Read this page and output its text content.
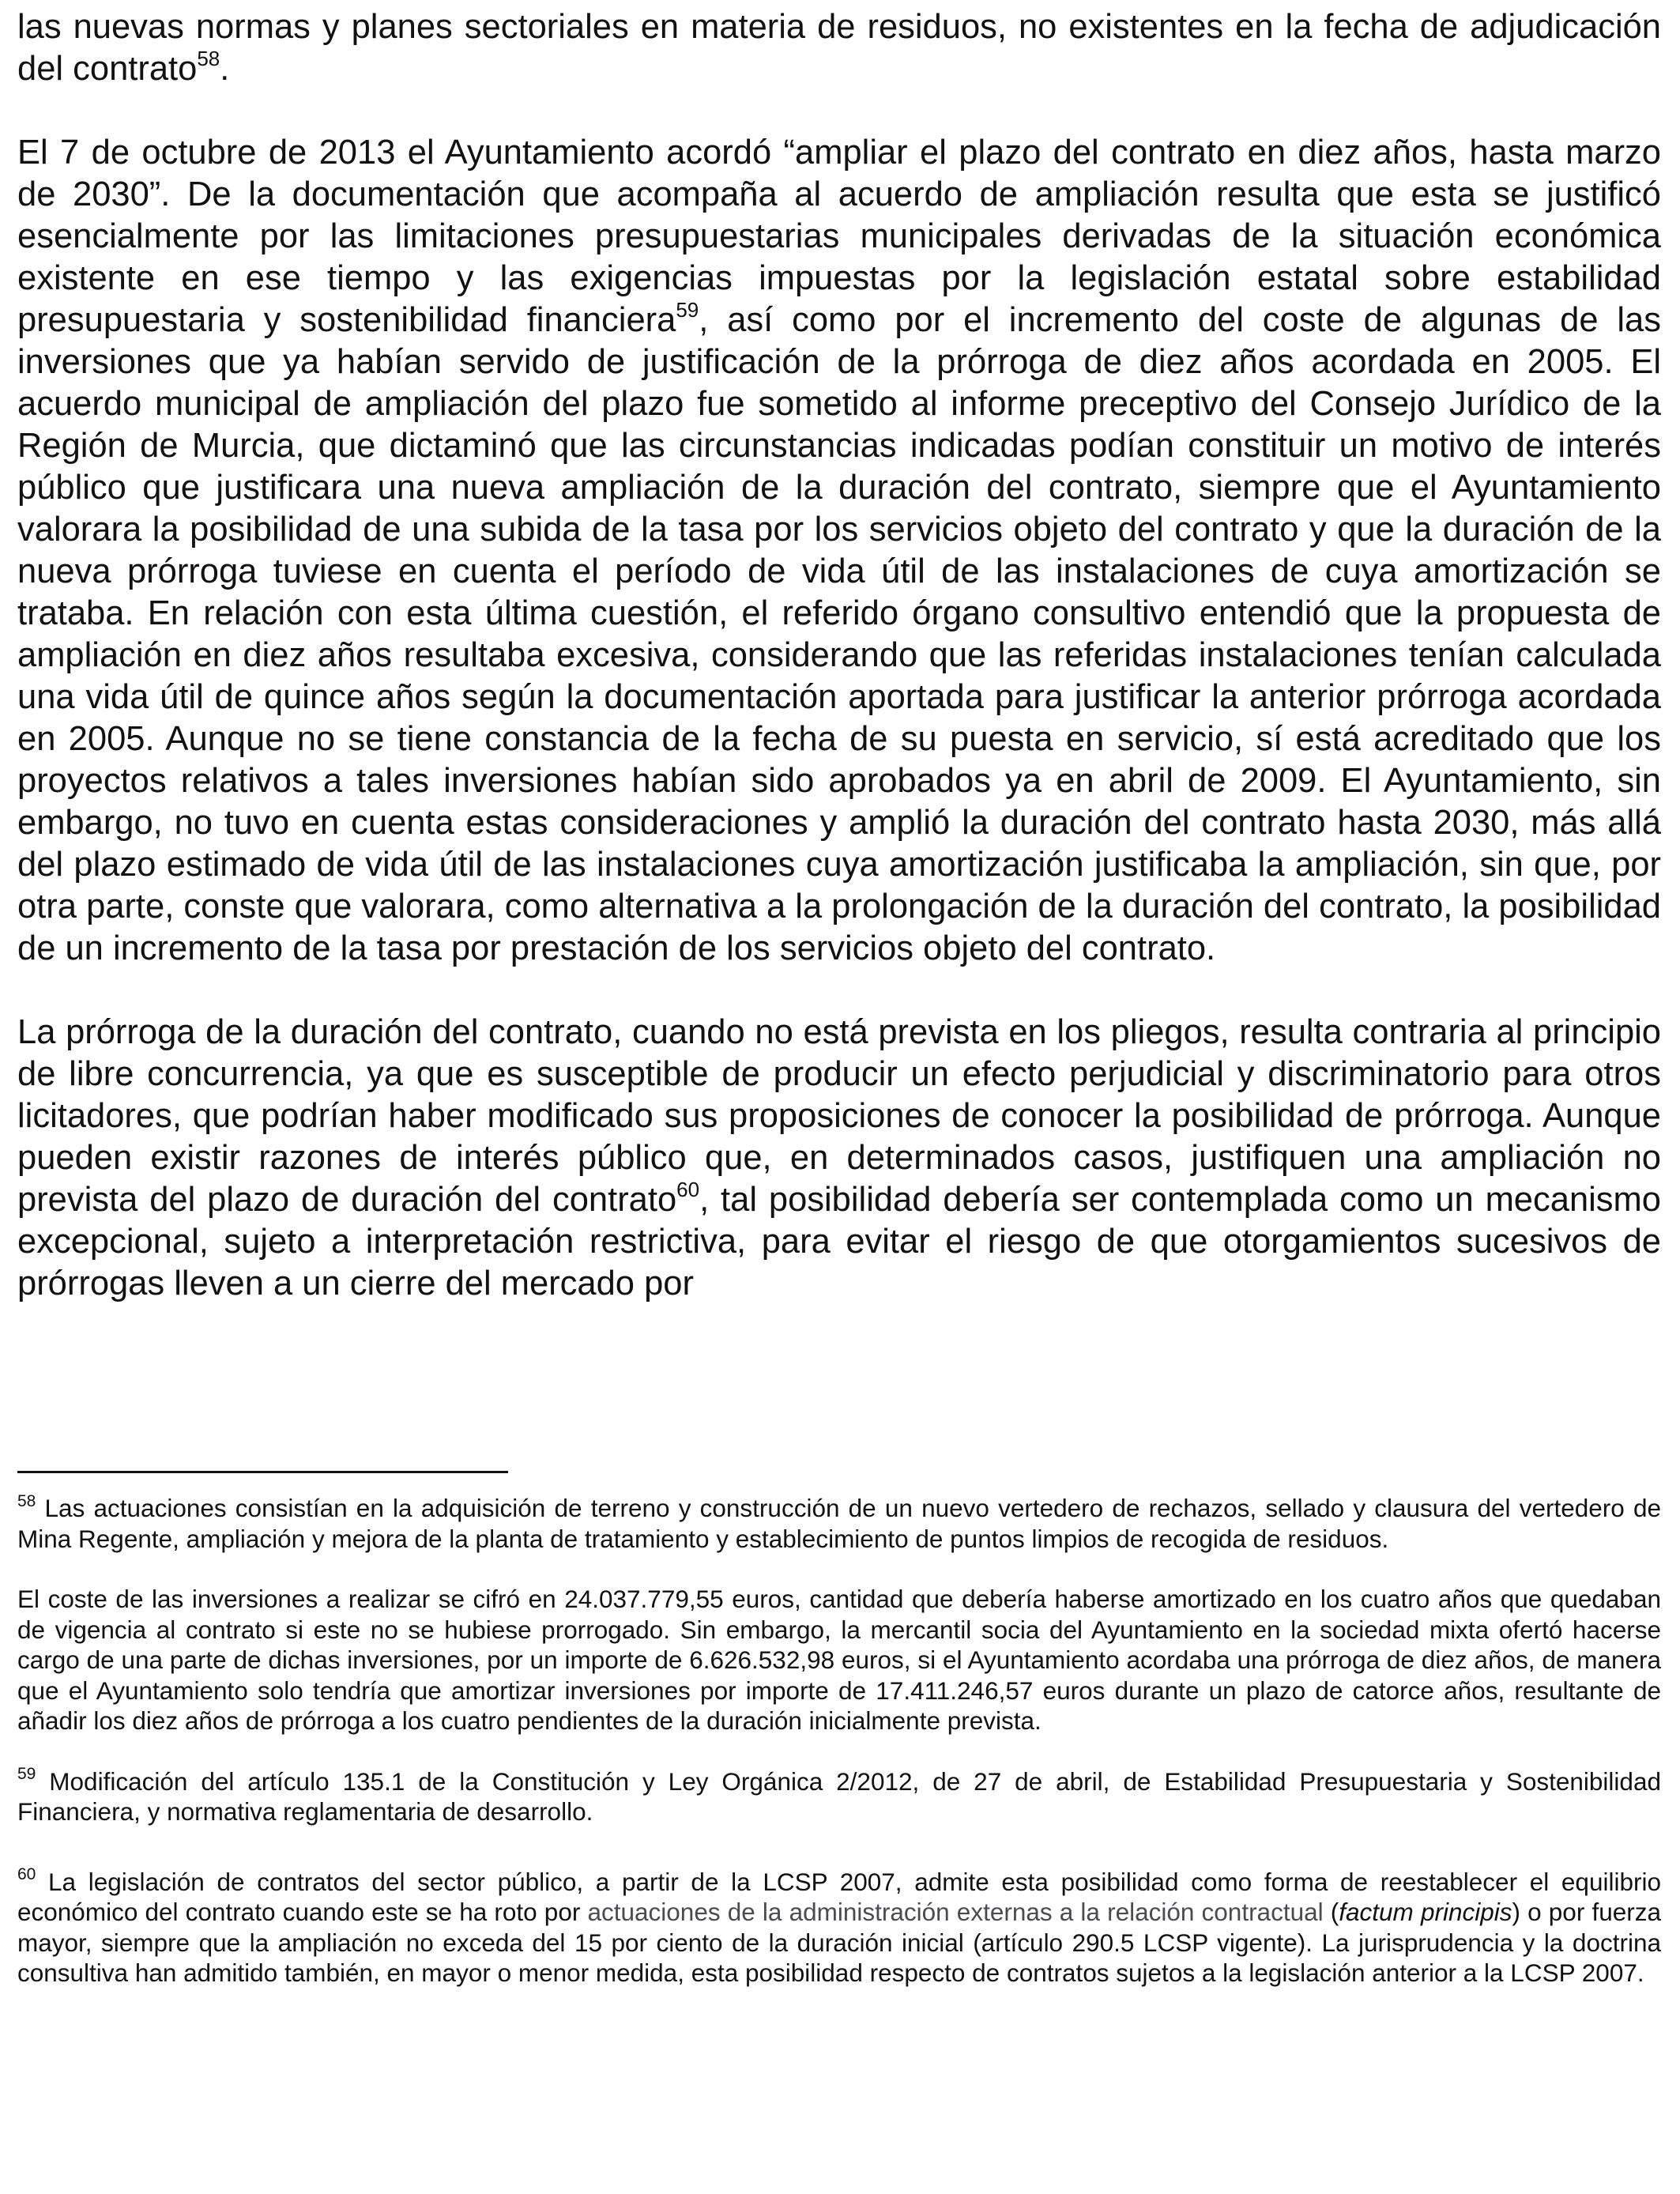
las nuevas normas y planes sectoriales en materia de residuos, no existentes en la fecha de adjudicación del contrato$^{58}$.

El 7 de octubre de 2013 el Ayuntamiento acordó “ampliar el plazo del contrato en diez años, hasta marzo de 2030”. De la documentación que acompaña al acuerdo de ampliación resulta que esta se justificó esencialmente por las limitaciones presupuestarias municipales derivadas de la situación económica existente en ese tiempo y las exigencias impuestas por la legislación estatal sobre estabilidad presupuestaria y sostenibilidad financiera$^{59}$, así como por el incremento del coste de algunas de las inversiones que ya habían servido de justificación de la prórroga de diez años acordada en 2005. El acuerdo municipal de ampliación del plazo fue sometido al informe preceptivo del Consejo Jurídico de la Región de Murcia, que dictaminó que las circunstancias indicadas podían constituir un motivo de interés público que justificara una nueva ampliación de la duración del contrato, siempre que el Ayuntamiento valorara la posibilidad de una subida de la tasa por los servicios objeto del contrato y que la duración de la nueva prórroga tuviese en cuenta el período de vida útil de las instalaciones de cuya amortización se trataba. En relación con esta última cuestión, el referido órgano consultivo entendió que la propuesta de ampliación en diez años resultaba excesiva, considerando que las referidas instalaciones tenían calculada una vida útil de quince años según la documentación aportada para justificar la anterior prórroga acordada en 2005. Aunque no se tiene constancia de la fecha de su puesta en servicio, sí está acreditado que los proyectos relativos a tales inversiones habían sido aprobados ya en abril de 2009. El Ayuntamiento, sin embargo, no tuvo en cuenta estas consideraciones y amplió la duración del contrato hasta 2030, más allá del plazo estimado de vida útil de las instalaciones cuya amortización justificaba la ampliación, sin que, por otra parte, conste que valorara, como alternativa a la prolongación de la duración del contrato, la posibilidad de un incremento de la tasa por prestación de los servicios objeto del contrato.

La prórroga de la duración del contrato, cuando no está prevista en los pliegos, resulta contraria al principio de libre concurrencia, ya que es susceptible de producir un efecto perjudicial y discriminatorio para otros licitadores, que podrían haber modificado sus proposiciones de conocer la posibilidad de prórroga. Aunque pueden existir razones de interés público que, en determinados casos, justifiquen una ampliación no prevista del plazo de duración del contrato$^{60}$, tal posibilidad debería ser contemplada como un mecanismo excepcional, sujeto a interpretación restrictiva, para evitar el riesgo de que otorgamientos sucesivos de prórrogas lleven a un cierre del mercado por

$^{58}$ Las actuaciones consistían en la adquisición de terreno y construcción de un nuevo vertedero de rechazos, sellado y clausura del vertedero de Mina Regente, ampliación y mejora de la planta de tratamiento y establecimiento de puntos limpios de recogida de residuos.

El coste de las inversiones a realizar se cifró en 24.037.779,55 euros, cantidad que debería haberse amortizado en los cuatro años que quedaban de vigencia al contrato si este no se hubiese prorrogado. Sin embargo, la mercantil socia del Ayuntamiento en la sociedad mixta ofertó hacerse cargo de una parte de dichas inversiones, por un importe de 6.626.532,98 euros, si el Ayuntamiento acordaba una prórroga de diez años, de manera que el Ayuntamiento solo tendría que amortizar inversiones por importe de 17.411.246,57 euros durante un plazo de catorce años, resultante de añadir los diez años de prórroga a los cuatro pendientes de la duración inicialmente prevista.

$^{59}$ Modificación del artículo 135.1 de la Constitución y Ley Orgánica 2/2012, de 27 de abril, de Estabilidad Presupuestaria y Sostenibilidad Financiera, y normativa reglamentaria de desarrollo.

$^{60}$ La legislación de contratos del sector público, a partir de la LCSP 2007, admite esta posibilidad como forma de reestablecer el equilibrio económico del contrato cuando este se ha roto por actuaciones de la administración externas a la relación contractual (factum principis) o por fuerza mayor, siempre que la ampliación no exceda del 15 por ciento de la duración inicial (artículo 290.5 LCSP vigente). La jurisprudencia y la doctrina consultiva han admitido también, en mayor o menor medida, esta posibilidad respecto de contratos sujetos a la legislación anterior a la LCSP 2007.
